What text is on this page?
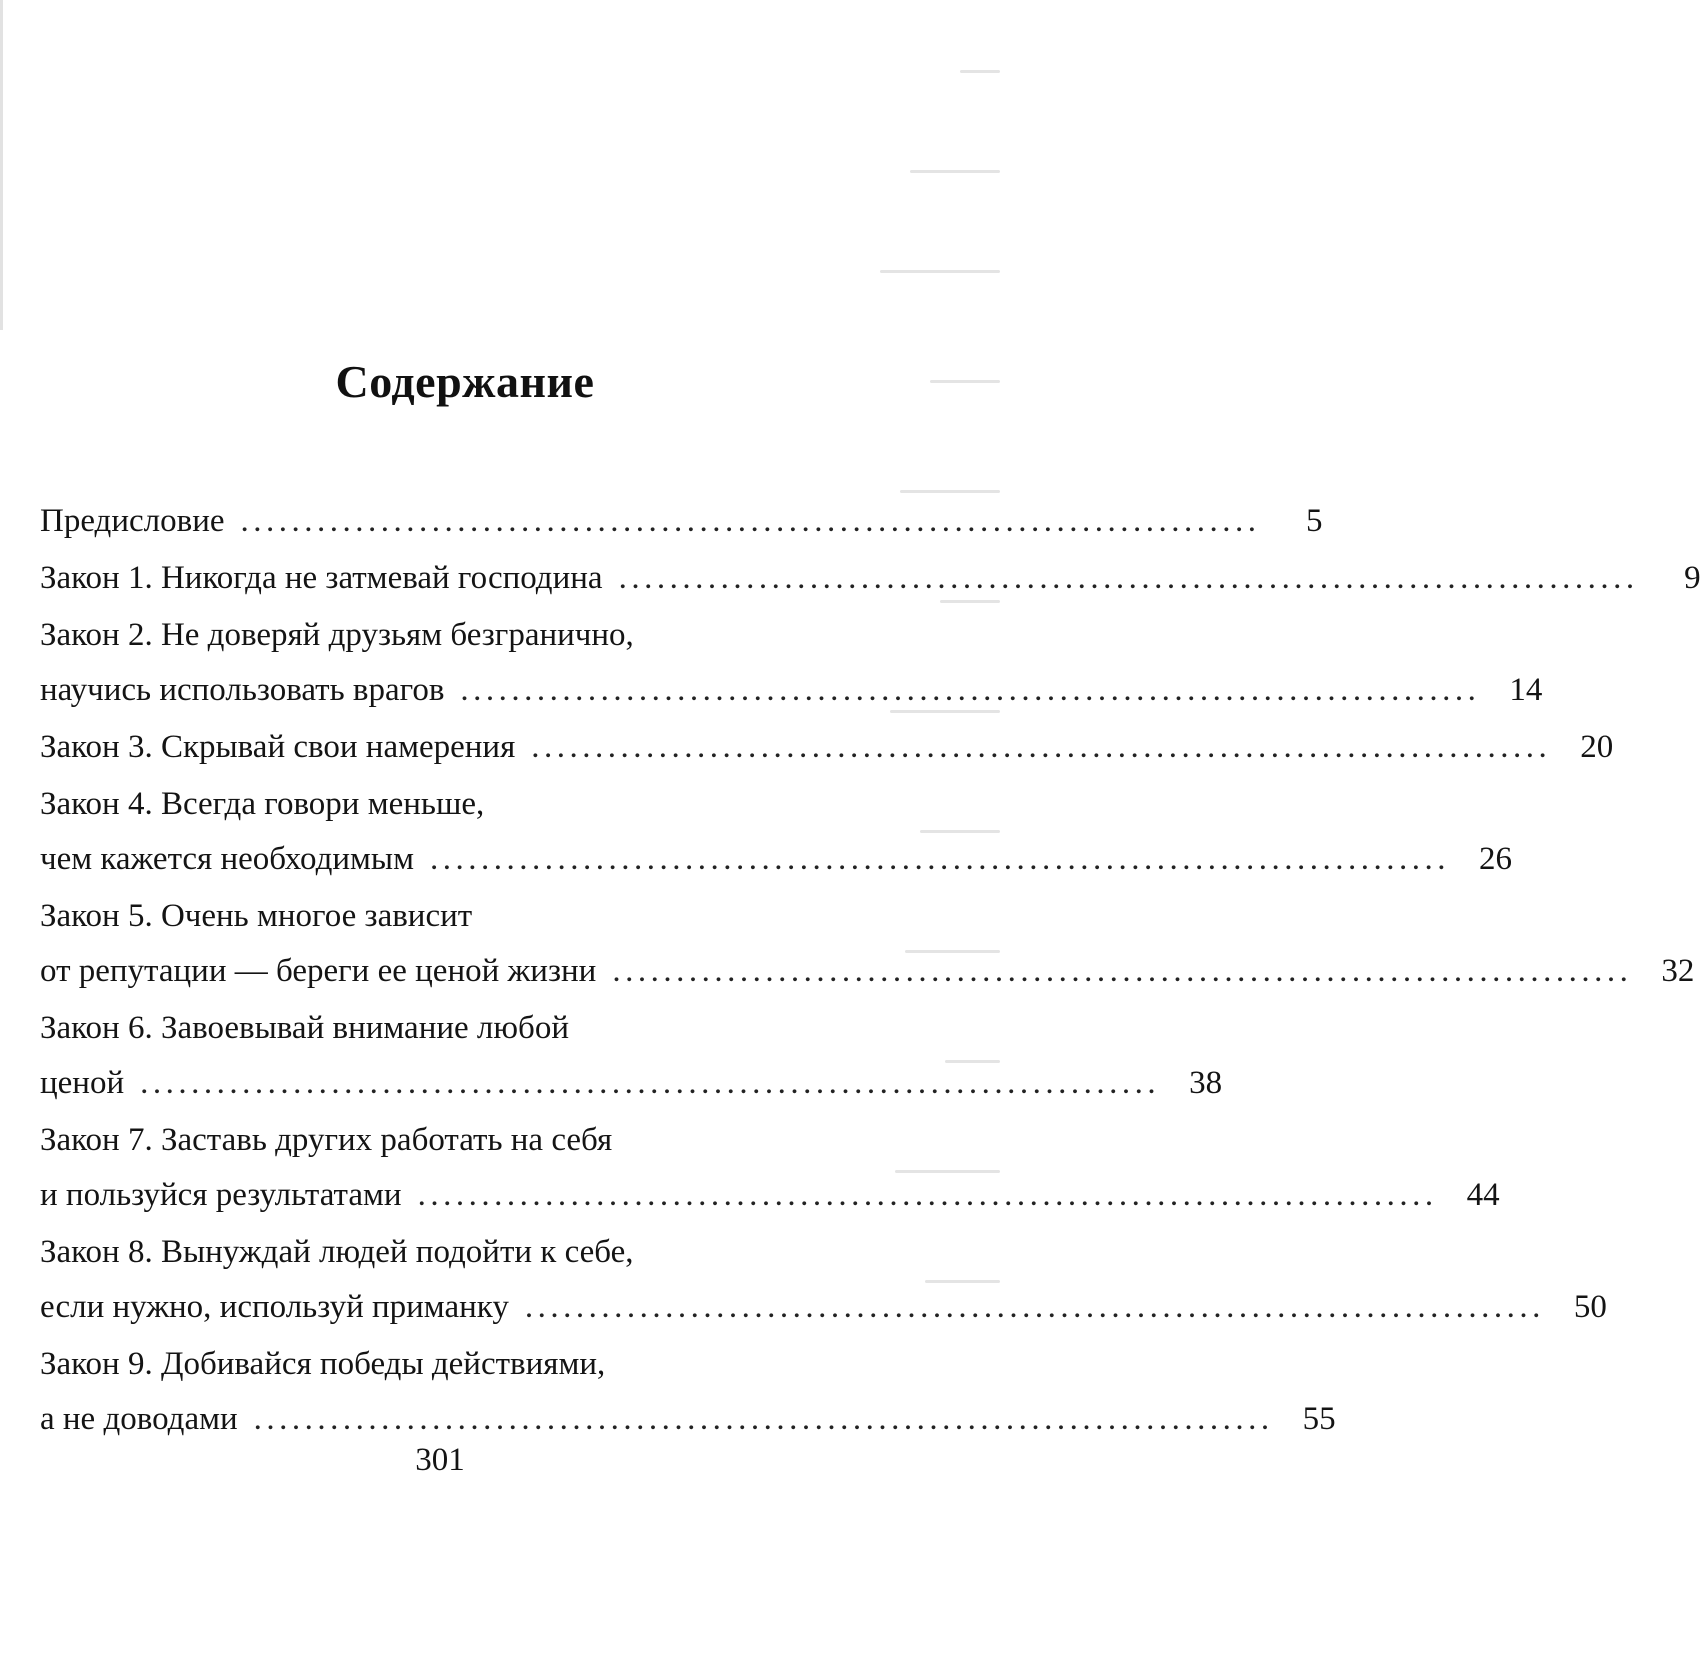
Содержание
Предисловие ................................................................................	5
Закон 1. Никогда не затмевай господина ................................................................................	9
Закон 2. Не доверяй друзьям безгранично,
научись использовать врагов ................................................................................ 14
Закон 3. Скрывай свои намерения ................................................................................ 20
Закон 4. Всегда говори меньше,
чем кажется необходимым ................................................................................ 26
Закон 5. Очень многое зависит
от репутации — береги ее ценой жизни ................................................................................ 32
Закон 6. Завоевывай внимание любой
ценой ................................................................................ 38
Закон 7. Заставь других работать на себя
и пользуйся результатами ................................................................................ 44
Закон 8. Вынуждай людей подойти к себе,
если нужно, используй приманку ................................................................................ 50
Закон 9. Добивайся победы действиями,
а не доводами ................................................................................ 55
301
